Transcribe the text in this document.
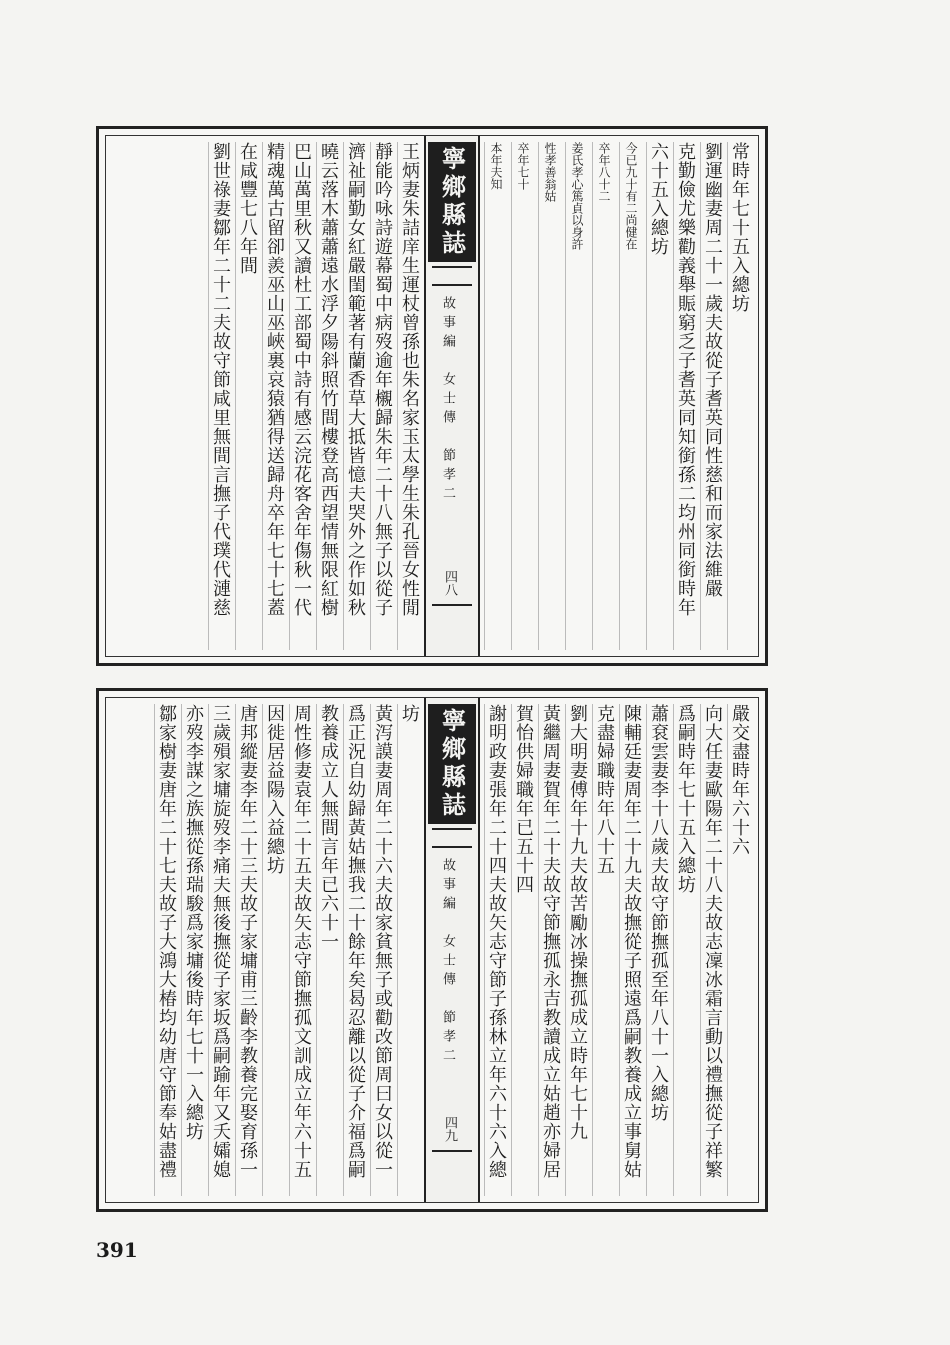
常時年七十五入總坊
劉運幽妻周二十一歲夫故從子耆英同性慈和而家法維嚴
克勤儉尤樂勸義舉賑窮乏子耆英同知銜孫二均州同銜時年
六十五入總坊
今已九十有二尚健在
卒年八十二
姜氏孝心篤貞以身許
性孝善翁姑
卒年七十
本年夫知
寧鄉縣誌
故事編　女士傳　節孝二
四八
王炳妻朱詰庠生運杖曾孫也朱名家玉太學生朱孔晉女性閒
靜能吟咏詩遊幕蜀中病歿逾年櫬歸朱年二十八無子以從子
濟祉嗣勤女紅嚴閨範著有蘭香草大抵皆憶夫哭外之作如秋
曉云落木蕭蕭遠水浮夕陽斜照竹間樓登高西望情無限紅樹
巴山萬里秋又讀杜工部蜀中詩有感云浣花客舍年傷秋一代
精魂萬古留卻羨巫山巫峽裏哀猿猶得送歸舟卒年七十七蓋
在咸豐七八年間
劉世祿妻鄒年二十二夫故守節咸里無間言撫子代璞代漣慈
嚴交盡時年六十六
向大任妻歐陽年二十八夫故志凜冰霜言動以禮撫從子祥繁
爲嗣時年七十五入總坊
蕭袞雲妻李十八歲夫故守節撫孤至年八十一入總坊
陳輔廷妻周年二十九夫故撫從子照遠爲嗣教養成立事舅姑
克盡婦職時年八十五
劉大明妻傅年十九夫故苦勵冰操撫孤成立時年七十九
黃繼周妻賀年二十夫故守節撫孤永吉教讀成立姑趙亦婦居
賀怡供婦職年已五十四
謝明政妻張年二十四夫故矢志守節子孫林立年六十六入總
寧鄉縣誌
故事編　女士傳　節孝二
四九
坊
黃泻謨妻周年二十六夫故家貧無子或勸改節周曰女以從一
爲正況自幼歸黃姑撫我二十餘年矣曷忍離以從子介福爲嗣
教養成立人無間言年已六十一
周性修妻袁年二十五夫故矢志守節撫孤文訓成立年六十五
因徙居益陽入益總坊
唐邦縱妻李年二十三夫故子家墉甫三齡李教養完娶育孫一
三歲殞家墉旋歿李痛夫無後撫從子家坂爲嗣踰年又夭孀媳
亦歿李謀之族撫從孫瑞駿爲家墉後時年七十一入總坊
鄒家樹妻唐年二十七夫故子大鴻大椿均幼唐守節奉姑盡禮
391
